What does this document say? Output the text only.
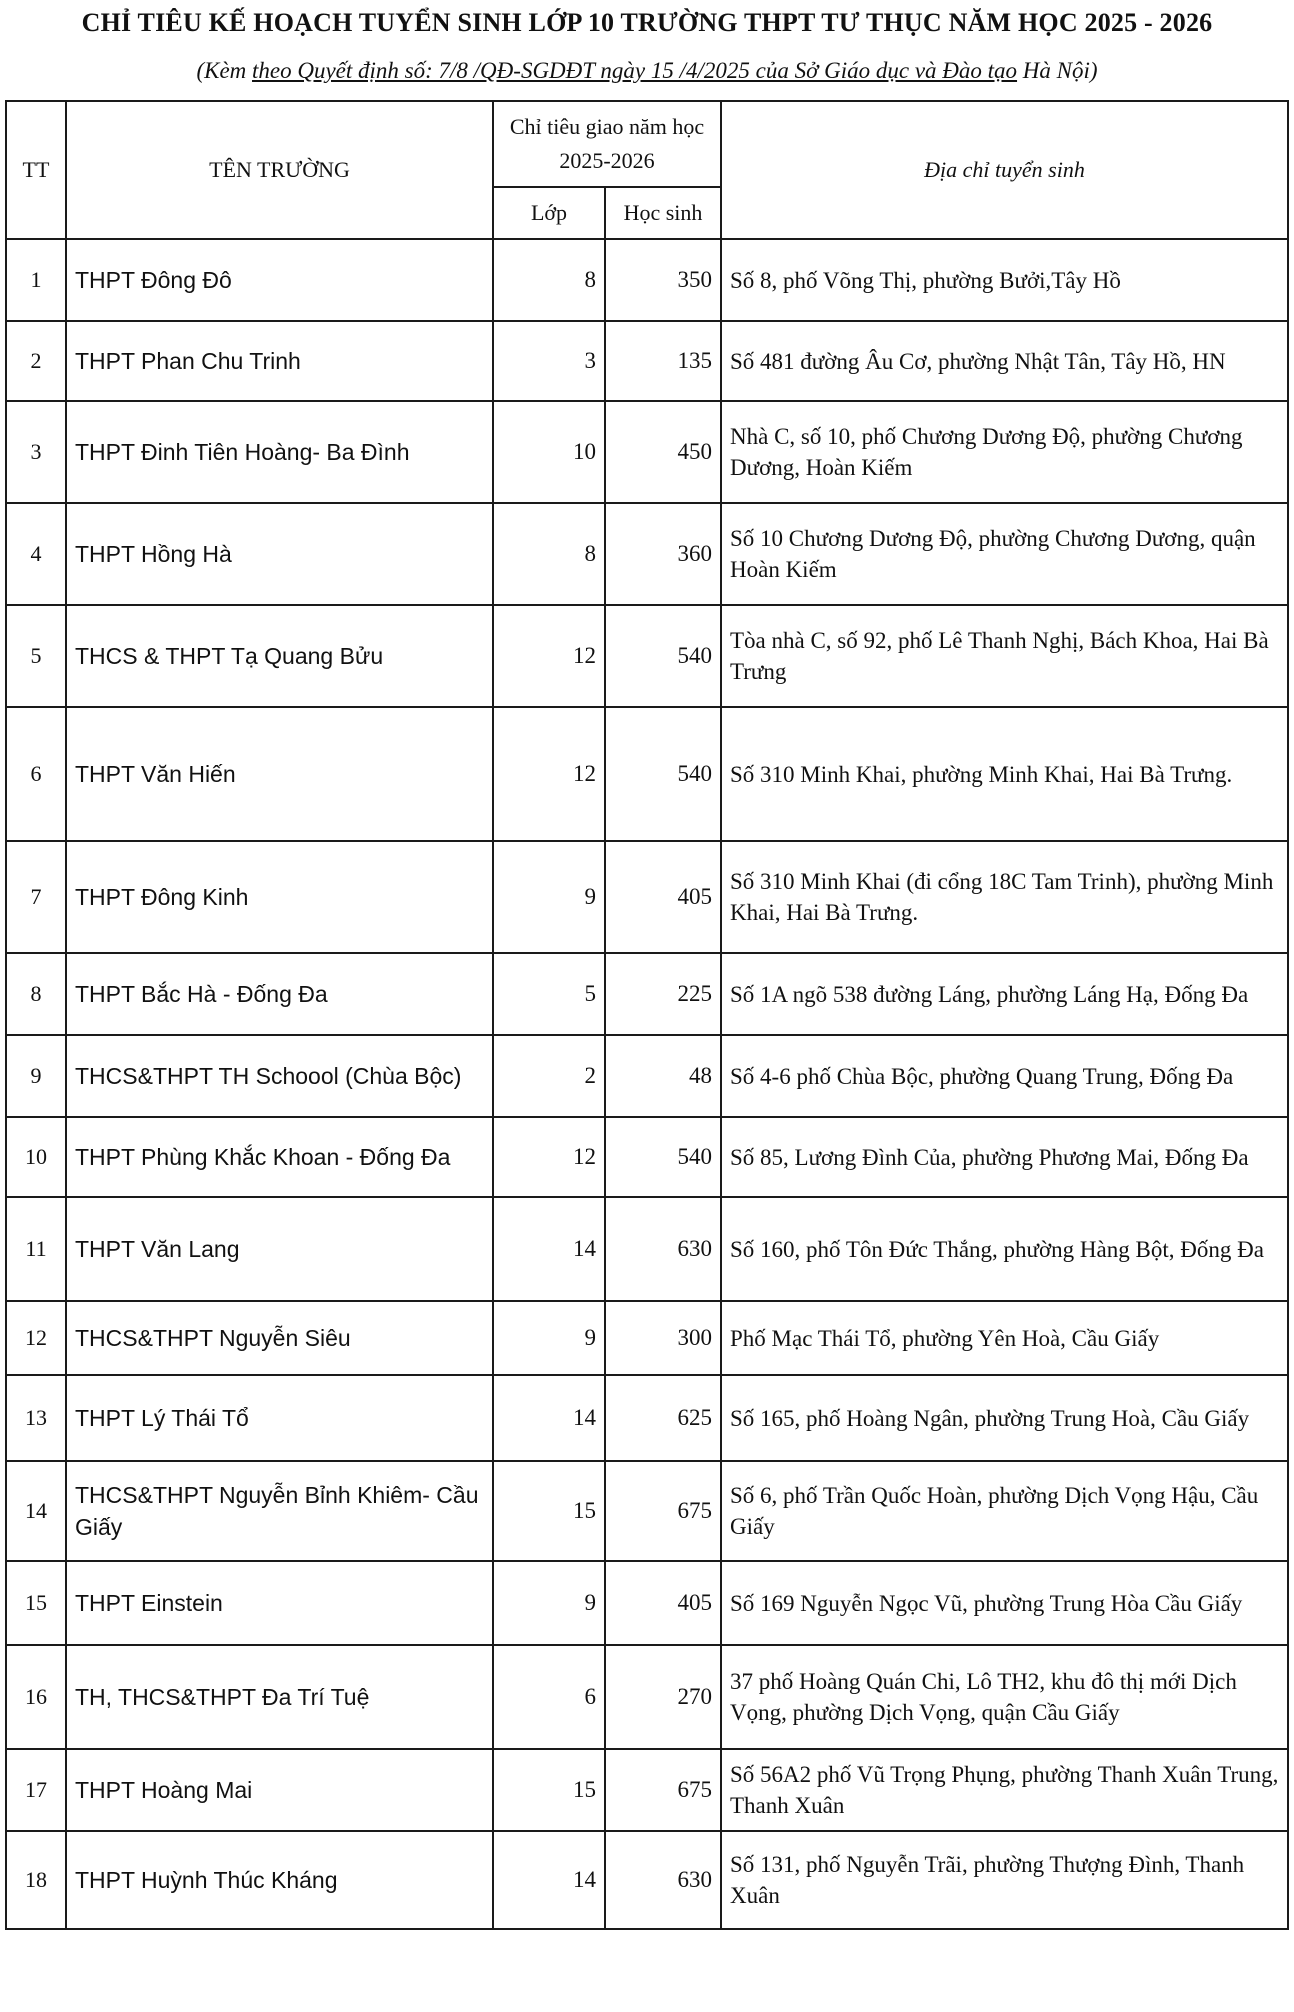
CHỈ TIÊU KẾ HOẠCH TUYỂN SINH LỚP 10 TRƯỜNG THPT TƯ THỤC NĂM HỌC 2025 - 2026
(Kèm theo Quyết định số: 7/8 /QĐ-SGDĐT ngày 15 /4/2025 của Sở Giáo dục và Đào tạo Hà Nội)
TT	TÊN TRƯỜNG	Chỉ tiêu giao năm học 2025-2026		Địa chỉ tuyển sinh
		Lớp	Học sinh	
1	THPT Đông Đô	8	350	Số 8, phố Võng Thị, phường Bưởi,Tây Hồ
2	THPT Phan Chu Trinh	3	135	Số 481 đường Âu Cơ, phường Nhật Tân, Tây Hồ, HN
3	THPT Đinh Tiên Hoàng- Ba Đình	10	450	Nhà C, số 10, phố Chương Dương Độ, phường Chương Dương, Hoàn Kiếm
4	THPT Hồng Hà	8	360	Số 10 Chương Dương Độ, phường Chương Dương, quận Hoàn Kiếm
5	THCS & THPT Tạ Quang Bửu	12	540	Tòa nhà C, số 92, phố Lê Thanh Nghị, Bách Khoa, Hai Bà Trưng
6	THPT Văn Hiến	12	540	Số 310 Minh Khai, phường Minh Khai, Hai Bà Trưng.
7	THPT Đông Kinh	9	405	Số 310 Minh Khai (đi cổng 18C Tam Trinh), phường Minh Khai, Hai Bà Trưng.
8	THPT Bắc Hà - Đống Đa	5	225	Số 1A ngõ 538 đường Láng, phường Láng Hạ, Đống Đa
9	THCS&THPT TH Schoool (Chùa Bộc)	2	48	Số 4-6 phố Chùa Bộc, phường Quang Trung, Đống Đa
10	THPT Phùng Khắc Khoan - Đống Đa	12	540	Số 85, Lương Đình Của, phường Phương Mai, Đống Đa
11	THPT Văn Lang	14	630	Số 160, phố Tôn Đức Thắng, phường Hàng Bột, Đống Đa
12	THCS&THPT Nguyễn Siêu	9	300	Phố Mạc Thái Tổ, phường Yên Hoà, Cầu Giấy
13	THPT Lý Thái Tổ	14	625	Số 165, phố Hoàng Ngân, phường Trung Hoà, Cầu Giấy
14	THCS&THPT Nguyễn Bỉnh Khiêm- Cầu Giấy	15	675	Số 6, phố Trần Quốc Hoàn, phường Dịch Vọng Hậu, Cầu Giấy
15	THPT Einstein	9	405	Số 169 Nguyễn Ngọc Vũ, phường Trung Hòa Cầu Giấy
16	TH, THCS&THPT Đa Trí Tuệ	6	270	37 phố Hoàng Quán Chi, Lô TH2, khu đô thị mới Dịch Vọng, phường Dịch Vọng, quận Cầu Giấy
17	THPT Hoàng Mai	15	675	Số 56A2 phố Vũ Trọng Phụng, phường Thanh Xuân Trung, Thanh Xuân
18	THPT Huỳnh Thúc Kháng	14	630	Số 131, phố Nguyễn Trãi, phường Thượng Đình, Thanh Xuân
